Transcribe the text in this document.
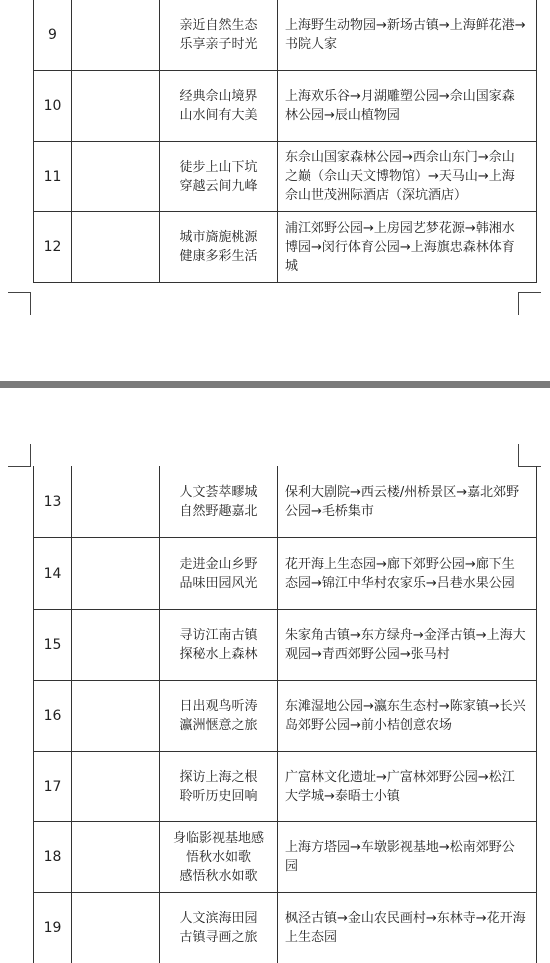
9
亲近自然生态
乐享亲子时光
上海野生动物园→新场古镇→上海鲜花港→书院人家
10
经典佘山境界
山水间有大美
上海欢乐谷→月湖雕塑公园→佘山国家森林公园→辰山植物园
11
徒步上山下坑
穿越云间九峰
东佘山国家森林公园→西佘山东门→佘山之巅（佘山天文博物馆）→天马山→上海佘山世茂洲际酒店（深坑酒店）
12
城市旖旎桃源
健康多彩生活
浦江郊野公园→上房园艺梦花源→韩湘水博园→闵行体育公园→上海旗忠森林体育城
13
人文荟萃疁城
自然野趣嘉北
保利大剧院→西云楼/州桥景区→嘉北郊野公园→毛桥集市
14
走进金山乡野
品味田园风光
花开海上生态园→廊下郊野公园→廊下生态园→锦江中华村农家乐→吕巷水果公园
15
寻访江南古镇
探秘水上森林
朱家角古镇→东方绿舟→金泽古镇→上海大观园→青西郊野公园→张马村
16
日出观鸟听涛
瀛洲惬意之旅
东滩湿地公园→瀛东生态村→陈家镇→长兴岛郊野公园→前小桔创意农场
17
探访上海之根
聆听历史回响
广富林文化遗址→广富林郊野公园→松江大学城→泰晤士小镇
18
身临影视基地感
悟秋水如歌
感悟秋水如歌
上海方塔园→车墩影视基地→松南郊野公园
19
人文滨海田园
古镇寻画之旅
枫泾古镇→金山农民画村→东林寺→花开海上生态园
